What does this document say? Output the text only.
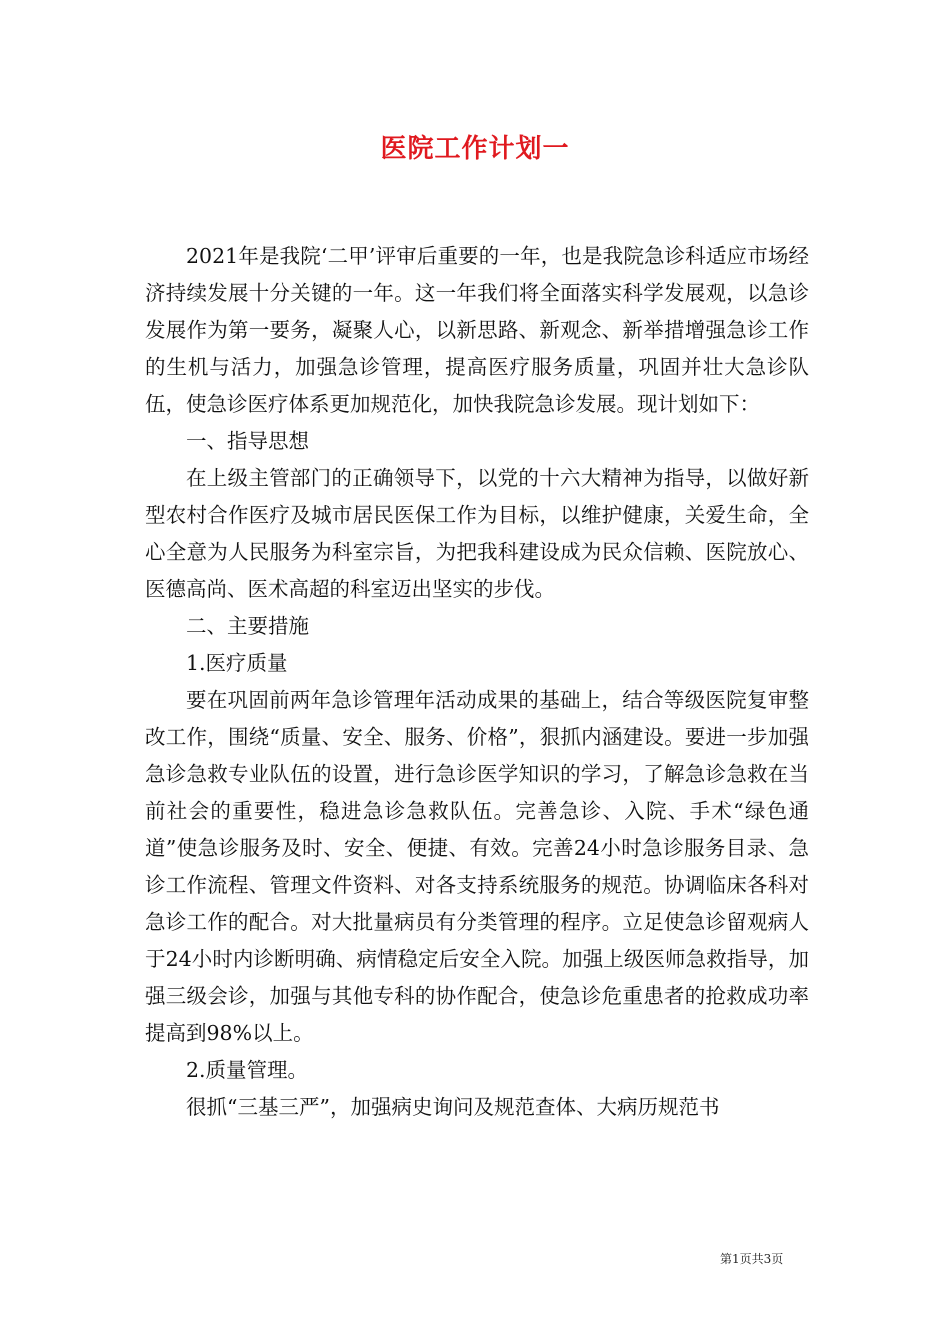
医院工作计划一

2021年是我院‘二甲’评审后重要的一年，也是我院急诊科适应市场经济持续发展十分关键的一年。这一年我们将全面落实科学发展观，以急诊发展作为第一要务，凝聚人心，以新思路、新观念、新举措增强急诊工作的生机与活力，加强急诊管理，提高医疗服务质量，巩固并壮大急诊队伍，使急诊医疗体系更加规范化，加快我院急诊发展。现计划如下：

一、指导思想

在上级主管部门的正确领导下，以党的十六大精神为指导，以做好新型农村合作医疗及城市居民医保工作为目标，以维护健康，关爱生命，全心全意为人民服务为科室宗旨，为把我科建设成为民众信赖、医院放心、医德高尚、医术高超的科室迈出坚实的步伐。

二、主要措施

1.医疗质量

要在巩固前两年急诊管理年活动成果的基础上，结合等级医院复审整改工作，围绕“质量、安全、服务、价格”，狠抓内涵建设。要进一步加强急诊急救专业队伍的设置，进行急诊医学知识的学习，了解急诊急救在当前社会的重要性，稳进急诊急救队伍。完善急诊、入院、手术“绿色通道”使急诊服务及时、安全、便捷、有效。完善24小时急诊服务目录、急诊工作流程、管理文件资料、对各支持系统服务的规范。协调临床各科对急诊工作的配合。对大批量病员有分类管理的程序。立足使急诊留观病人于24小时内诊断明确、病情稳定后安全入院。加强上级医师急救指导，加强三级会诊，加强与其他专科的协作配合，使急诊危重患者的抢救成功率提高到98%以上。

2.质量管理。

很抓“三基三严”，加强病史询问及规范查体、大病历规范书

第1页共3页
